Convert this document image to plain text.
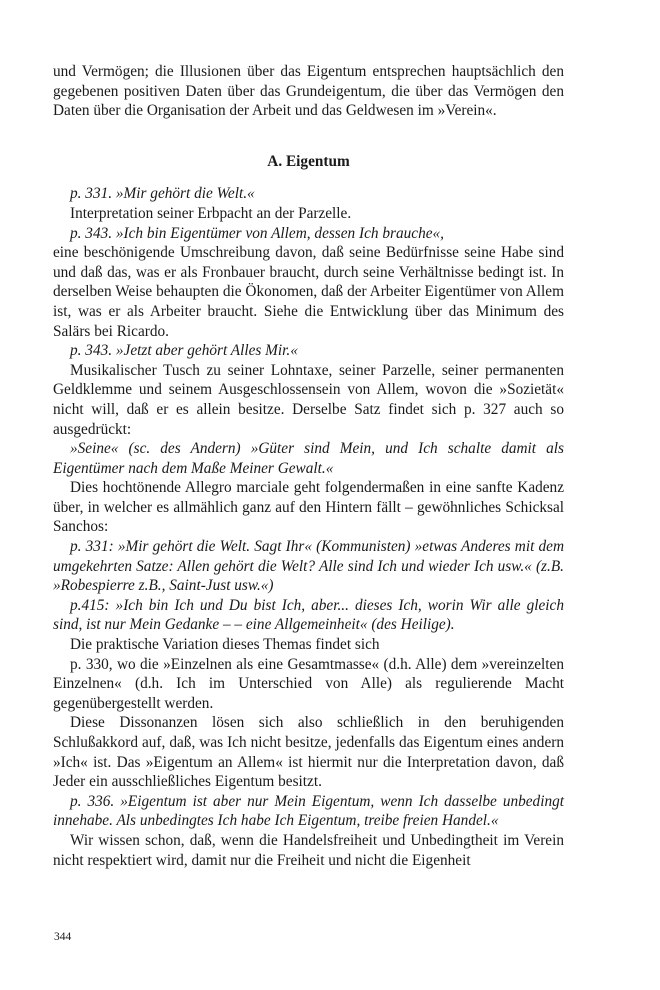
und Vermögen; die Illusionen über das Eigentum entsprechen hauptsächlich den gegebenen positiven Daten über das Grundeigentum, die über das Vermögen den Daten über die Organisation der Arbeit und das Geldwesen im »Verein«.

A. Eigentum

p. 331. »Mir gehört die Welt.«

Interpretation seiner Erbpacht an der Parzelle.

p. 343. »Ich bin Eigentümer von Allem, dessen Ich brauche«,

eine beschönigende Umschreibung davon, daß seine Bedürfnisse seine Habe sind und daß das, was er als Fronbauer braucht, durch seine Verhältnisse bedingt ist. In derselben Weise behaupten die Ökonomen, daß der Arbeiter Eigentümer von Allem ist, was er als Arbeiter braucht. Siehe die Entwicklung über das Minimum des Salärs bei Ricardo.

p. 343. »Jetzt aber gehört Alles Mir.«

Musikalischer Tusch zu seiner Lohntaxe, seiner Parzelle, seiner permanenten Geldklemme und seinem Ausgeschlossensein von Allem, wovon die »Sozietät« nicht will, daß er es allein besitze. Derselbe Satz findet sich p. 327 auch so ausgedrückt:

»Seine« (sc. des Andern) »Güter sind Mein, und Ich schalte damit als Eigentümer nach dem Maße Meiner Gewalt.«

Dies hochtönende Allegro marciale geht folgendermaßen in eine sanfte Kadenz über, in welcher es allmählich ganz auf den Hintern fällt – gewöhnliches Schicksal Sanchos:

p. 331: »Mir gehört die Welt. Sagt Ihr« (Kommunisten) »etwas Anderes mit dem umgekehrten Satze: Allen gehört die Welt? Alle sind Ich und wieder Ich usw.« (z.B. »Robespierre z.B., Saint-Just usw.«)

p.415: »Ich bin Ich und Du bist Ich, aber... dieses Ich, worin Wir alle gleich sind, ist nur Mein Gedanke – – eine Allgemeinheit« (des Heilige).

Die praktische Variation dieses Themas findet sich

p. 330, wo die »Einzelnen als eine Gesamtmasse« (d.h. Alle) dem »vereinzelten Einzelnen« (d.h. Ich im Unterschied von Alle) als regulierende Macht gegenübergestellt werden.

Diese Dissonanzen lösen sich also schließlich in den beruhigenden Schlußakkord auf, daß, was Ich nicht besitze, jedenfalls das Eigentum eines andern »Ich« ist. Das »Eigentum an Allem« ist hiermit nur die Interpretation davon, daß Jeder ein ausschließliches Eigentum besitzt.

p. 336. »Eigentum ist aber nur Mein Eigentum, wenn Ich dasselbe unbedingt innehabe. Als unbedingtes Ich habe Ich Eigentum, treibe freien Handel.«

Wir wissen schon, daß, wenn die Handelsfreiheit und Unbedingtheit im Verein nicht respektiert wird, damit nur die Freiheit und nicht die Eigenheit

344
